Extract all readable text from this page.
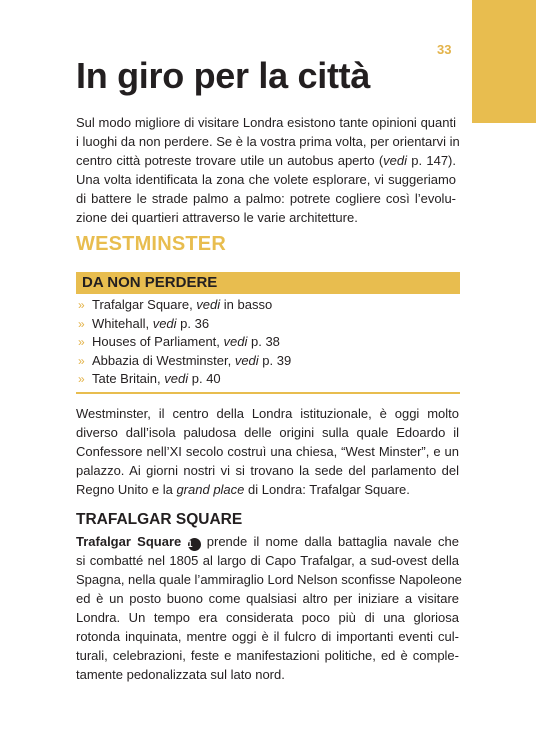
33
In giro per la città

Sul modo migliore di visitare Londra esistono tante opinioni quanti
i luoghi da non perdere. Se è la vostra prima volta, per orientarvi in
centro città potreste trovare utile un autobus aperto (vedi p. 147).
Una volta identificata la zona che volete esplorare, vi suggeriamo
di battere le strade palmo a palmo: potrete cogliere così l’evolu-
zione dei quartieri attraverso le varie architetture.

WESTMINSTER
DA NON PERDERE
» Trafalgar Square, vedi in basso
» Whitehall, vedi p. 36
» Houses of Parliament, vedi p. 38
» Abbazia di Westminster, vedi p. 39
» Tate Britain, vedi p. 40

Westminster, il centro della Londra istituzionale, è oggi molto
diverso dall’isola paludosa delle origini sulla quale Edoardo il
Confessore nell’XI secolo costruì una chiesa, “West Minster”, e un
palazzo. Ai giorni nostri vi si trovano la sede del parlamento del
Regno Unito e la grand place di Londra: Trafalgar Square.

TRAFALGAR SQUARE

Trafalgar Square 1 prende il nome dalla battaglia navale che
si combatté nel 1805 al largo di Capo Trafalgar, a sud-ovest della
Spagna, nella quale l’ammiraglio Lord Nelson sconfisse Napoleone
ed è un posto buono come qualsiasi altro per iniziare a visitare
Londra. Un tempo era considerata poco più di una gloriosa
rotonda inquinata, mentre oggi è il fulcro di importanti eventi cul-
turali, celebrazioni, feste e manifestazioni politiche, ed è comple-
tamente pedonalizzata sul lato nord.
